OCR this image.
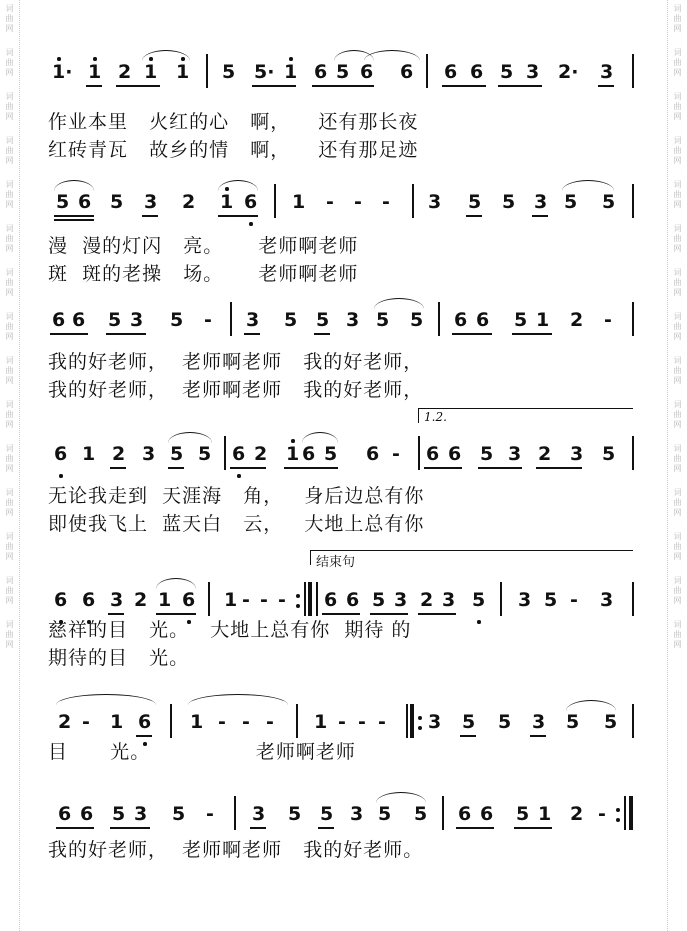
词
曲
网
词
曲
网
词
曲
网
词
曲
网
词
曲
网
词
曲
网
词
曲
网
词
曲
网
词
曲
网
词
曲
网
词
曲
网
词
曲
网
词
曲
网
词
曲
网
词
曲
网
词
曲
网
词
曲
网
词
曲
网
词
曲
网
词
曲
网
词
曲
网
词
曲
网
词
曲
网
词
曲
网
词
曲
网
词
曲
网
词
曲
网
词
曲
网
词
曲
网
词
曲
网
1· 1 2 1 1 5 5· 1 6 5 6 6 6 6 5 3 2· 3
作业本里   火红的心   啊，    还有那长夜
红砖青瓦   故乡的情   啊，    还有那足迹
5 6 5 3 2 1 6 1 - - - 3 5 5 3 5 5
漫  漫的灯闪   亮。     老师啊老师
斑  斑的老操   场。     老师啊老师
6 6 5 3 5 - 3 5 5 3 5 5 6 6 5 1 2 -
我的好老师，  老师啊老师   我的好老师，
我的好老师，  老师啊老师   我的好老师，
1.2.
6 1 2 3 5 5 6 2 1 6 5 6 - 6 6 5 3 2 3 5
无论我走到  天涯海   角，   身后边总有你
即使我飞上  蓝天白   云，   大地上总有你
结束句
6 6 3 2 1 6 1 - - - 6 6 5 3 2 3 5 3 5 - 3
慈祥的目   光。   大地上总有你  期待 的
期待的目   光。
2 - 1 6 1 - - - 1 - - - 3 5 5 3 5 5
目      光。               老师啊老师
6 6 5 3 5 - 3 5 5 3 5 5 6 6 5 1 2 -
我的好老师，  老师啊老师   我的好老师。
